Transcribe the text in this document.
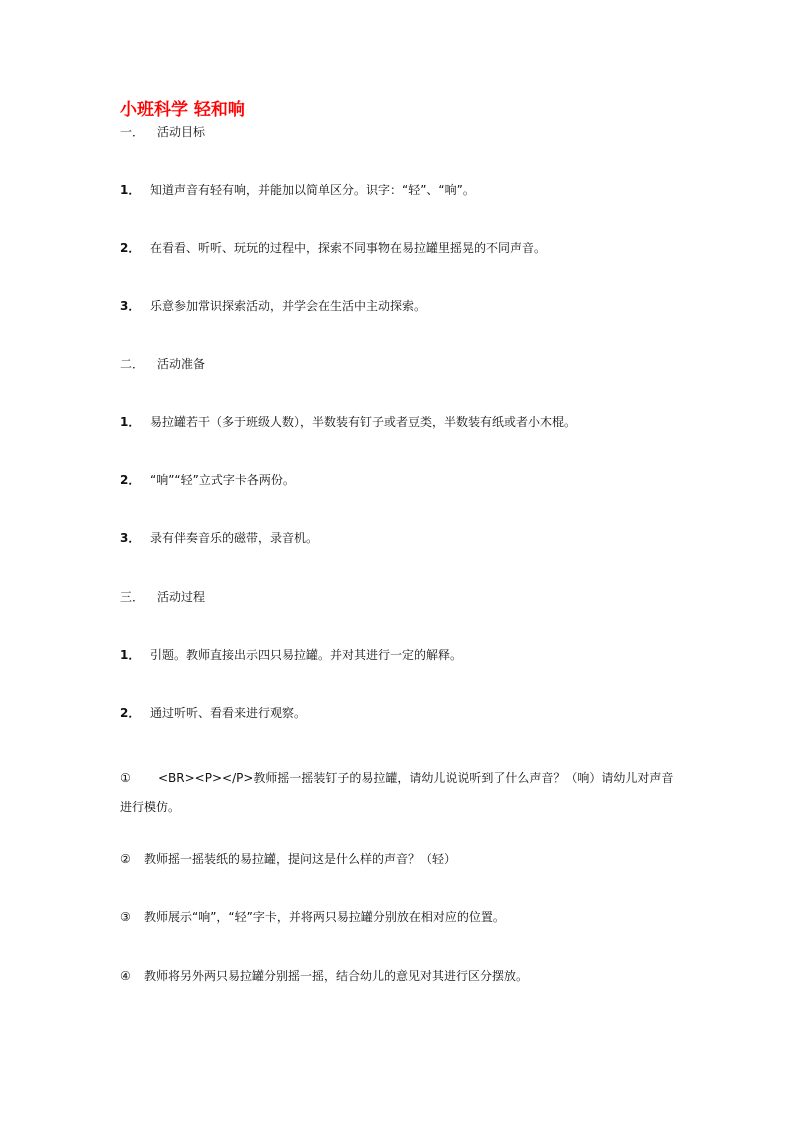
小班科学 轻和响
一． 活动目标
1． 知道声音有轻有响，并能加以简单区分。识字：“轻”、“响”。
2． 在看看、听听、玩玩的过程中，探索不同事物在易拉罐里摇晃的不同声音。
3． 乐意参加常识探索活动，并学会在生活中主动探索。
二． 活动准备
1． 易拉罐若干（多于班级人数），半数装有钉子或者豆类，半数装有纸或者小木棍。
2． “响”“轻”立式字卡各两份。
3． 录有伴奏音乐的磁带，录音机。
三． 活动过程
1． 引题。教师直接出示四只易拉罐。并对其进行一定的解释。
2． 通过听听、看看来进行观察。
① <BR><P></P>教师摇一摇装钉子的易拉罐，请幼儿说说听到了什么声音？（响）请幼儿对声音进行模仿。
② 教师摇一摇装纸的易拉罐，提问这是什么样的声音？（轻）
③ 教师展示“响”，“轻”字卡，并将两只易拉罐分别放在相对应的位置。
④ 教师将另外两只易拉罐分别摇一摇，结合幼儿的意见对其进行区分摆放。
